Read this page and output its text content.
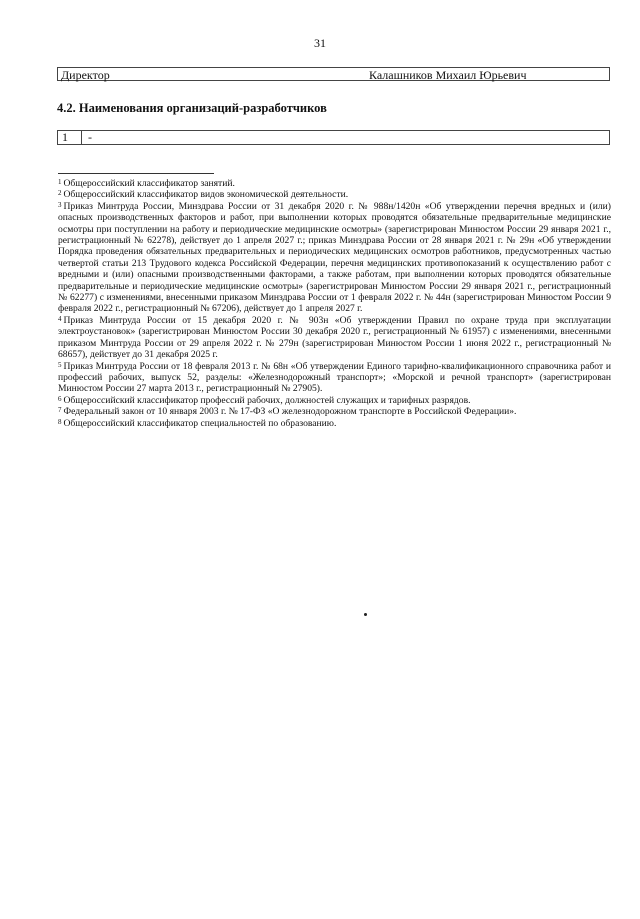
31
Директор	Калашников Михаил Юрьевич
4.2. Наименования организаций-разработчиков
1	-

$^1$ Общероссийский классификатор занятий.

$^2$ Общероссийский классификатор видов экономической деятельности.

$^3$ Приказ Минтруда России, Минздрава России от 31 декабря 2020 г. № 988н/1420н «Об утверждении перечня вредных и (или) опасных производственных факторов и работ, при выполнении которых проводятся обязательные предварительные медицинские осмотры при поступлении на работу и периодические медицинские осмотры» (зарегистрирован Минюстом России 29 января 2021 г., регистрационный № 62278), действует до 1 апреля 2027 г.; приказ Минздрава России от 28 января 2021 г. № 29н «Об утверждении Порядка проведения обязательных предварительных и периодических медицинских осмотров работников, предусмотренных частью четвертой статьи 213 Трудового кодекса Российской Федерации, перечня медицинских противопоказаний к осуществлению работ с вредными и (или) опасными производственными факторами, а также работам, при выполнении которых проводятся обязательные предварительные и периодические медицинские осмотры» (зарегистрирован Минюстом России 29 января 2021 г., регистрационный № 62277) с изменениями, внесенными приказом Минздрава России от 1 февраля 2022 г. № 44н (зарегистрирован Минюстом России 9 февраля 2022 г., регистрационный № 67206), действует до 1 апреля 2027 г.

$^4$ Приказ Минтруда России от 15 декабря 2020 г. № 903н «Об утверждении Правил по охране труда при эксплуатации электроустановок» (зарегистрирован Минюстом России 30 декабря 2020 г., регистрационный № 61957) с изменениями, внесенными приказом Минтруда России от 29 апреля 2022 г. № 279н (зарегистрирован Минюстом России 1 июня 2022 г., регистрационный № 68657), действует до 31 декабря 2025 г.

$^5$ Приказ Минтруда России от 18 февраля 2013 г. № 68н «Об утверждении Единого тарифно-квалификационного справочника работ и профессий рабочих, выпуск 52, разделы: «Железнодорожный транспорт»; «Морской и речной транспорт» (зарегистрирован Минюстом России 27 марта 2013 г., регистрационный № 27905).

$^6$ Общероссийский классификатор профессий рабочих, должностей служащих и тарифных разрядов.

$^7$ Федеральный закон от 10 января 2003 г. № 17-ФЗ «О железнодорожном транспорте в Российской Федерации».

$^8$ Общероссийский классификатор специальностей по образованию.
